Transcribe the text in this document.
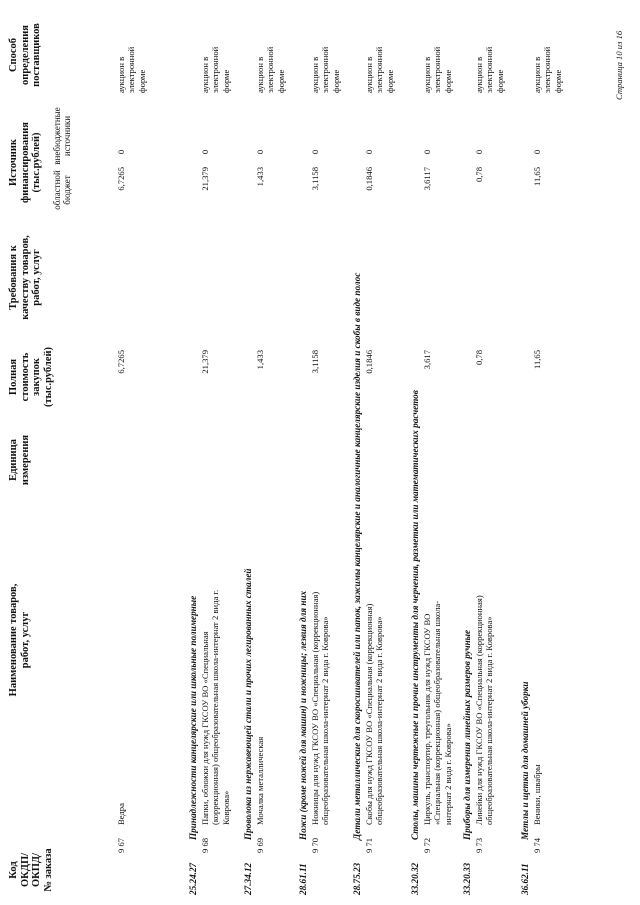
Код ОКДП/ ОКПД/ № заказа
Наименование товаров, работ, услуг
Единица измерения
Полная стоимость закупок (тыс.рублей)
Требования к качеству товаров, работ, услуг
Источник финансирования (тыс.рублей) областной бюджет
внебюджетные источники
Способ определения поставщиков
9 67
Ведра
6,7265
6,7265
0
аукцион в электронной форме
25.24.27
Принадлежности канцелярские или школьные полимерные
9 68
Папки, обложки для нужд ГКСОУ ВО «Специальная (коррекционная) общеобразовательная школа-интернат 2 вида г. Коврова»
21,379
21,379
0
аукцион в электронной форме
27.34.12
Проволока из нержавеющей стали и прочих легированных сталей
9 69
Мочалка металлическая
1,433
1,433
0
аукцион в электронной форме
28.61.11
Ножи (кроме ножей для машин) и ножницы; лезвия для них
9 70
Ножницы для нужд ГКСОУ ВО «Специальная (коррекционная) общеобразовательная школа-интернат 2 вида г. Коврова»
3,1158
3,1158
0
аукцион в электронной форме
28.75.23
Детали металлические для скоросшивателей или папок, зажимы канцелярские и аналогичные канцелярские изделия и скобы в виде полос
9 71
Скобы для нужд ГКСОУ ВО «Специальная (коррекционная) общеобразовательная школа-интернат 2 вида г. Коврова»
0,1846
0,1846
0
аукцион в электронной форме
33.20.32
Столы, машины чертежные и прочие инструменты для черчения, разметки или математических расчетов
9 72
Циркуль, транспортир, треугольник для нужд ГКСОУ ВО «Специальная (коррекционная) общеобразовательная школа- интернат 2 вида г. Коврова»
3,617
3,6117
0
аукцион в электронной форме
33.20.33
Приборы для измерения линейных размеров ручные
9 73
Линейки для нужд ГКСОУ ВО «Специальная (коррекционная) общеобразовательная школа-интернат 2 вида г. Коврова»
0,78
0,78
0
аукцион в электронной форме
36.62.11
Метлы и щетки для домашней уборки
9 74
Веники, швабры
11,65
11,65
0
аукцион в электронной форме	Страница 10 из 16
